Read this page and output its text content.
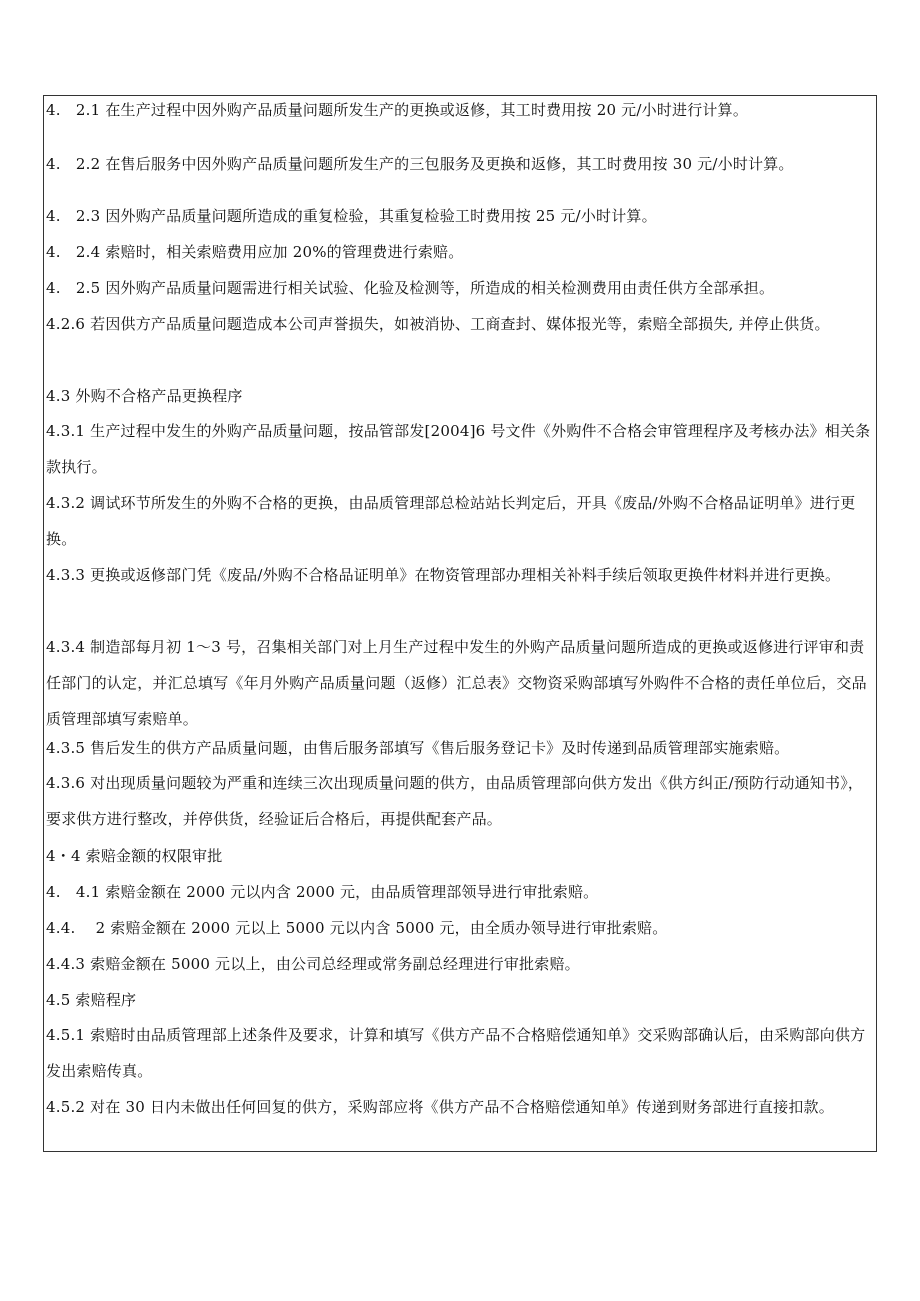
4.　2.1 在生产过程中因外购产品质量问题所发生产的更换或返修，其工时费用按 20 元/小时进行计算。
4.　2.2 在售后服务中因外购产品质量问题所发生产的三包服务及更换和返修，其工时费用按 30 元/小时计算。
4.　2.3 因外购产品质量问题所造成的重复检验，其重复检验工时费用按 25 元/小时计算。
4.　2.4 索赔时，相关索赔费用应加 20%的管理费进行索赔。
4.　2.5 因外购产品质量问题需进行相关试验、化验及检测等，所造成的相关检测费用由责任供方全部承担。
4.2.6 若因供方产品质量问题造成本公司声誉损失，如被消协、工商查封、媒体报光等，索赔全部损失, 并停止供货。
4.3 外购不合格产品更换程序
4.3.1 生产过程中发生的外购产品质量问题，按品管部发[2004]6 号文件《外购件不合格会审管理程序及考核办法》相关条款执行。
4.3.2 调试环节所发生的外购不合格的更换，由品质管理部总检站站长判定后，开具《废品/外购不合格品证明单》进行更换。
4.3.3 更换或返修部门凭《废品/外购不合格品证明单》在物资管理部办理相关补料手续后领取更换件材料并进行更换。
4.3.4 制造部每月初 1～3 号，召集相关部门对上月生产过程中发生的外购产品质量问题所造成的更换或返修进行评审和责任部门的认定，并汇总填写《年月外购产品质量问题（返修）汇总表》交物资采购部填写外购件不合格的责任单位后，交品质管理部填写索赔单。
4.3.5 售后发生的供方产品质量问题，由售后服务部填写《售后服务登记卡》及时传递到品质管理部实施索赔。
4.3.6 对出现质量问题较为严重和连续三次出现质量问题的供方，由品质管理部向供方发出《供方纠正/预防行动通知书》，要求供方进行整改，并停供货，经验证后合格后，再提供配套产品。
4・4 索赔金额的权限审批
4.　4.1 索赔金额在 2000 元以内含 2000 元，由品质管理部领导进行审批索赔。
4.4.　 2 索赔金额在 2000 元以上 5000 元以内含 5000 元，由全质办领导进行审批索赔。
4.4.3 索赔金额在 5000 元以上，由公司总经理或常务副总经理进行审批索赔。
4.5 索赔程序
4.5.1 索赔时由品质管理部上述条件及要求，计算和填写《供方产品不合格赔偿通知单》交采购部确认后，由采购部向供方发出索赔传真。
4.5.2 对在 30 日内未做出任何回复的供方，采购部应将《供方产品不合格赔偿通知单》传递到财务部进行直接扣款。
